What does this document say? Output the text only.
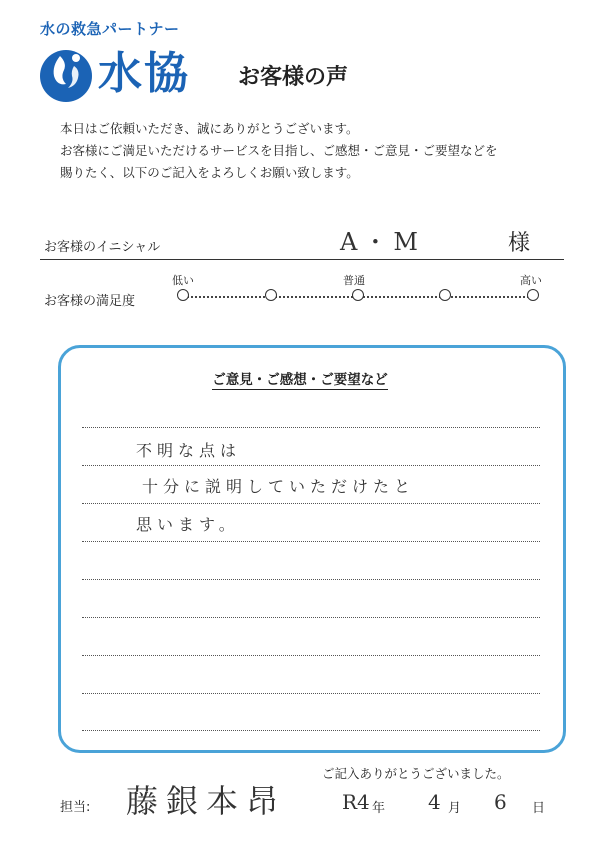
水の救急パートナー
水協 お客様の声
本日はご依頼いただき、誠にありがとうございます。
お客様にご満足いただけるサービスを目指し、ご感想・ご意見・ご要望などを
賜りたく、以下のご記入をよろしくお願い致します。
お客様のイニシャル	A・M	様
お客様の満足度
低い	普通	高い
ご意見・ご感想・ご要望など
不明な点は
十分に説明していただけたと
思います。
ご記入ありがとうございました。
担当: 藤銀本昂	R4 年 4 月 6 日
